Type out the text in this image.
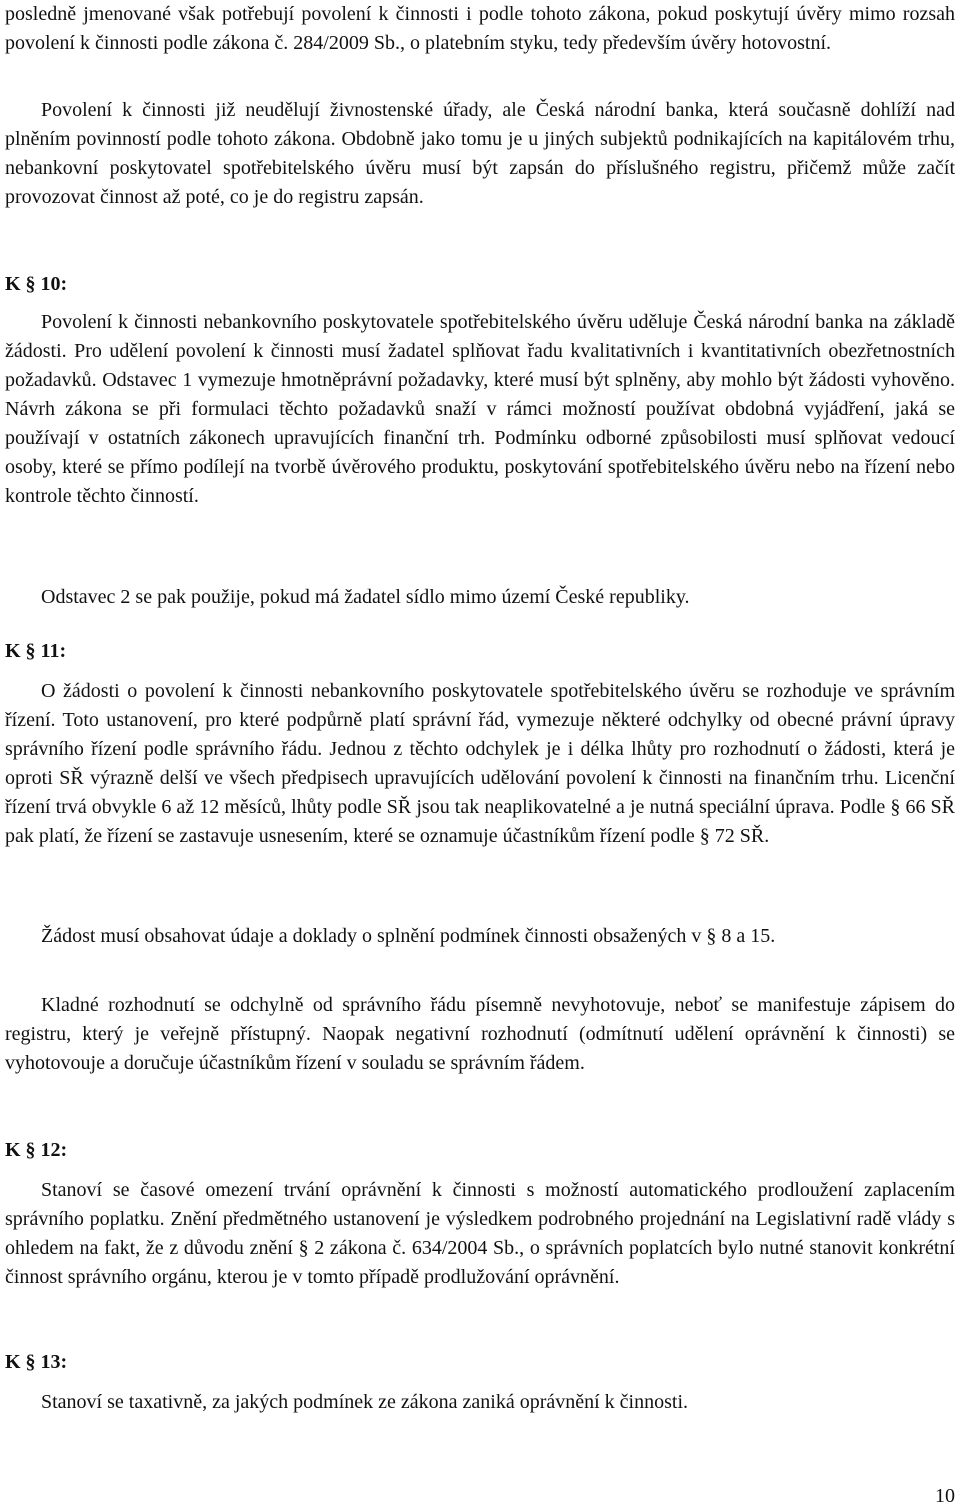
posledně jmenované však potřebují povolení k činnosti i podle tohoto zákona, pokud poskytují úvěry mimo rozsah povolení k činnosti podle zákona č. 284/2009 Sb., o platebním styku, tedy především úvěry hotovostní.

Povolení k činnosti již neudělují živnostenské úřady, ale Česká národní banka, která současně dohlíží nad plněním povinností podle tohoto zákona. Obdobně jako tomu je u jiných subjektů podnikajících na kapitálovém trhu, nebankovní poskytovatel spotřebitelského úvěru musí být zapsán do příslušného registru, přičemž může začít provozovat činnost až poté, co je do registru zapsán.

K § 10:

Povolení k činnosti nebankovního poskytovatele spotřebitelského úvěru uděluje Česká národní banka na základě žádosti. Pro udělení povolení k činnosti musí žadatel splňovat řadu kvalitativních i kvantitativních obezřetnostních požadavků. Odstavec 1 vymezuje hmotněprávní požadavky, které musí být splněny, aby mohlo být žádosti vyhověno. Návrh zákona se při formulaci těchto požadavků snaží v rámci možností používat obdobná vyjádření, jaká se používají v ostatních zákonech upravujících finanční trh. Podmínku odborné způsobilosti musí splňovat vedoucí osoby, které se přímo podílejí na tvorbě úvěrového produktu, poskytování spotřebitelského úvěru nebo na řízení nebo kontrole těchto činností.

Odstavec 2 se pak použije, pokud má žadatel sídlo mimo území České republiky.

K § 11:

O žádosti o povolení k činnosti nebankovního poskytovatele spotřebitelského úvěru se rozhoduje ve správním řízení. Toto ustanovení, pro které podpůrně platí správní řád, vymezuje některé odchylky od obecné právní úpravy správního řízení podle správního řádu. Jednou z těchto odchylek je i délka lhůty pro rozhodnutí o žádosti, která je oproti SŘ výrazně delší ve všech předpisech upravujících udělování povolení k činnosti na finančním trhu. Licenční řízení trvá obvykle 6 až 12 měsíců, lhůty podle SŘ jsou tak neaplikovatelné a je nutná speciální úprava. Podle § 66 SŘ pak platí, že řízení se zastavuje usnesením, které se oznamuje účastníkům řízení podle § 72 SŘ.

Žádost musí obsahovat údaje a doklady o splnění podmínek činnosti obsažených v § 8 a 15.

Kladné rozhodnutí se odchylně od správního řádu písemně nevyhotovuje, neboť se manifestuje zápisem do registru, který je veřejně přístupný. Naopak negativní rozhodnutí (odmítnutí udělení oprávnění k činnosti) se vyhotovouje a doručuje účastníkům řízení v souladu se správním řádem.

K § 12:

Stanoví se časové omezení trvání oprávnění k činnosti s možností automatického prodloužení zaplacením správního poplatku. Znění předmětného ustanovení je výsledkem podrobného projednání na Legislativní radě vlády s ohledem na fakt, že z důvodu znění § 2 zákona č. 634/2004 Sb., o správních poplatcích bylo nutné stanovit konkrétní činnost správního orgánu, kterou je v tomto případě prodlužování oprávnění.

K § 13:

Stanoví se taxativně, za jakých podmínek ze zákona zaniká oprávnění k činnosti.

10
